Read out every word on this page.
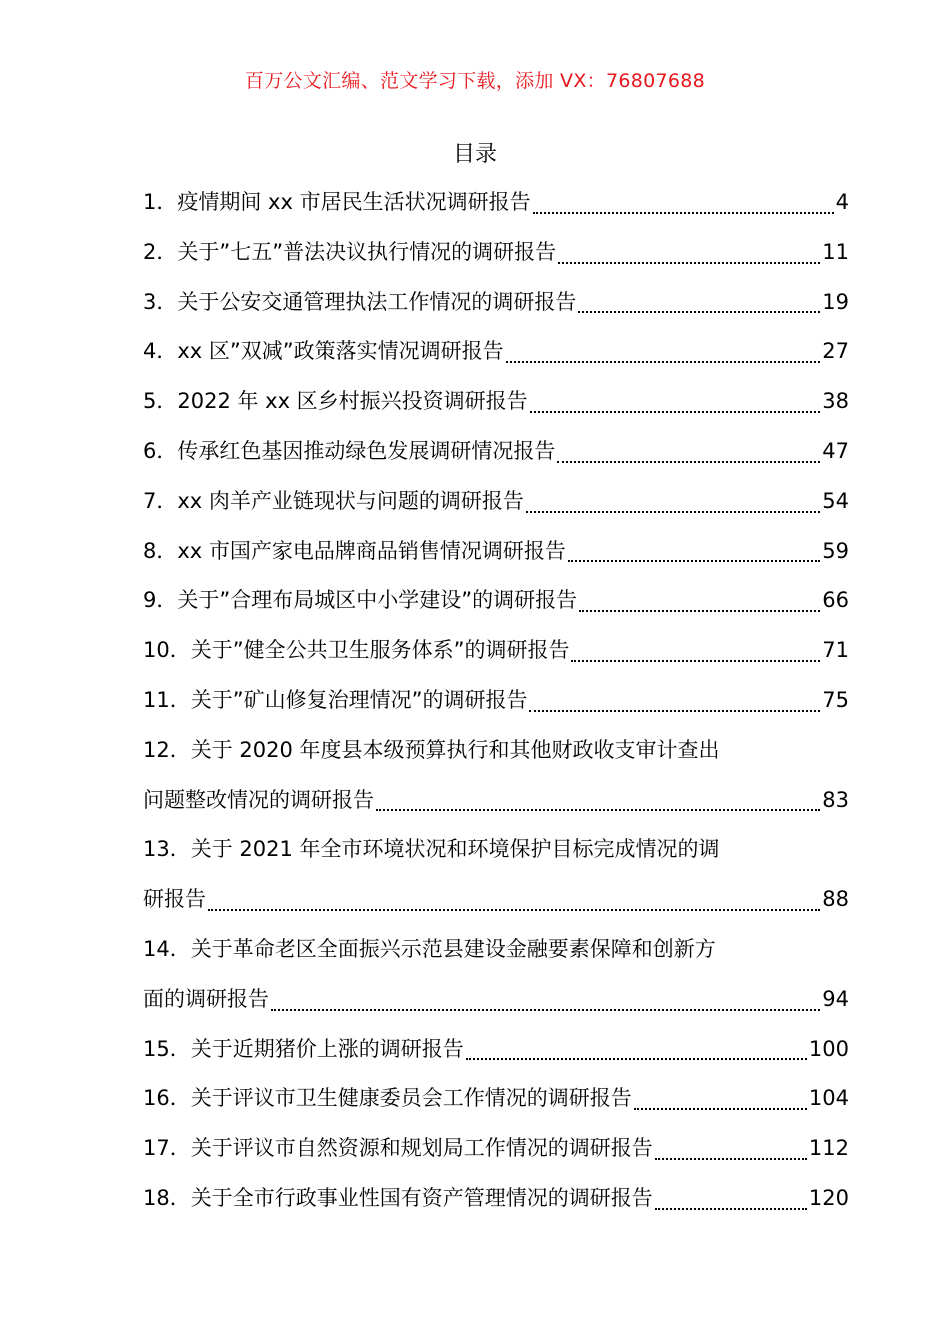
百万公文汇编、范文学习下载，添加 VX：76807688
目录
1．疫情期间 xx 市居民生活状况调研报告	4
2．关于”七五”普法决议执行情况的调研报告	11
3．关于公安交通管理执法工作情况的调研报告	19
4．xx 区”双减”政策落实情况调研报告	27
5．2022 年 xx 区乡村振兴投资调研报告	38
6．传承红色基因推动绿色发展调研情况报告	47
7．xx 肉羊产业链现状与问题的调研报告	54
8．xx 市国产家电品牌商品销售情况调研报告	59
9．关于”合理布局城区中小学建设”的调研报告	66
10．关于”健全公共卫生服务体系”的调研报告	71
11．关于”矿山修复治理情况”的调研报告	75
12．关于 2020 年度县本级预算执行和其他财政收支审计查出
问题整改情况的调研报告	83
13．关于 2021 年全市环境状况和环境保护目标完成情况的调
研报告	88
14．关于革命老区全面振兴示范县建设金融要素保障和创新方
面的调研报告	94
15．关于近期猪价上涨的调研报告	100
16．关于评议市卫生健康委员会工作情况的调研报告	104
17．关于评议市自然资源和规划局工作情况的调研报告	112
18．关于全市行政事业性国有资产管理情况的调研报告	120
